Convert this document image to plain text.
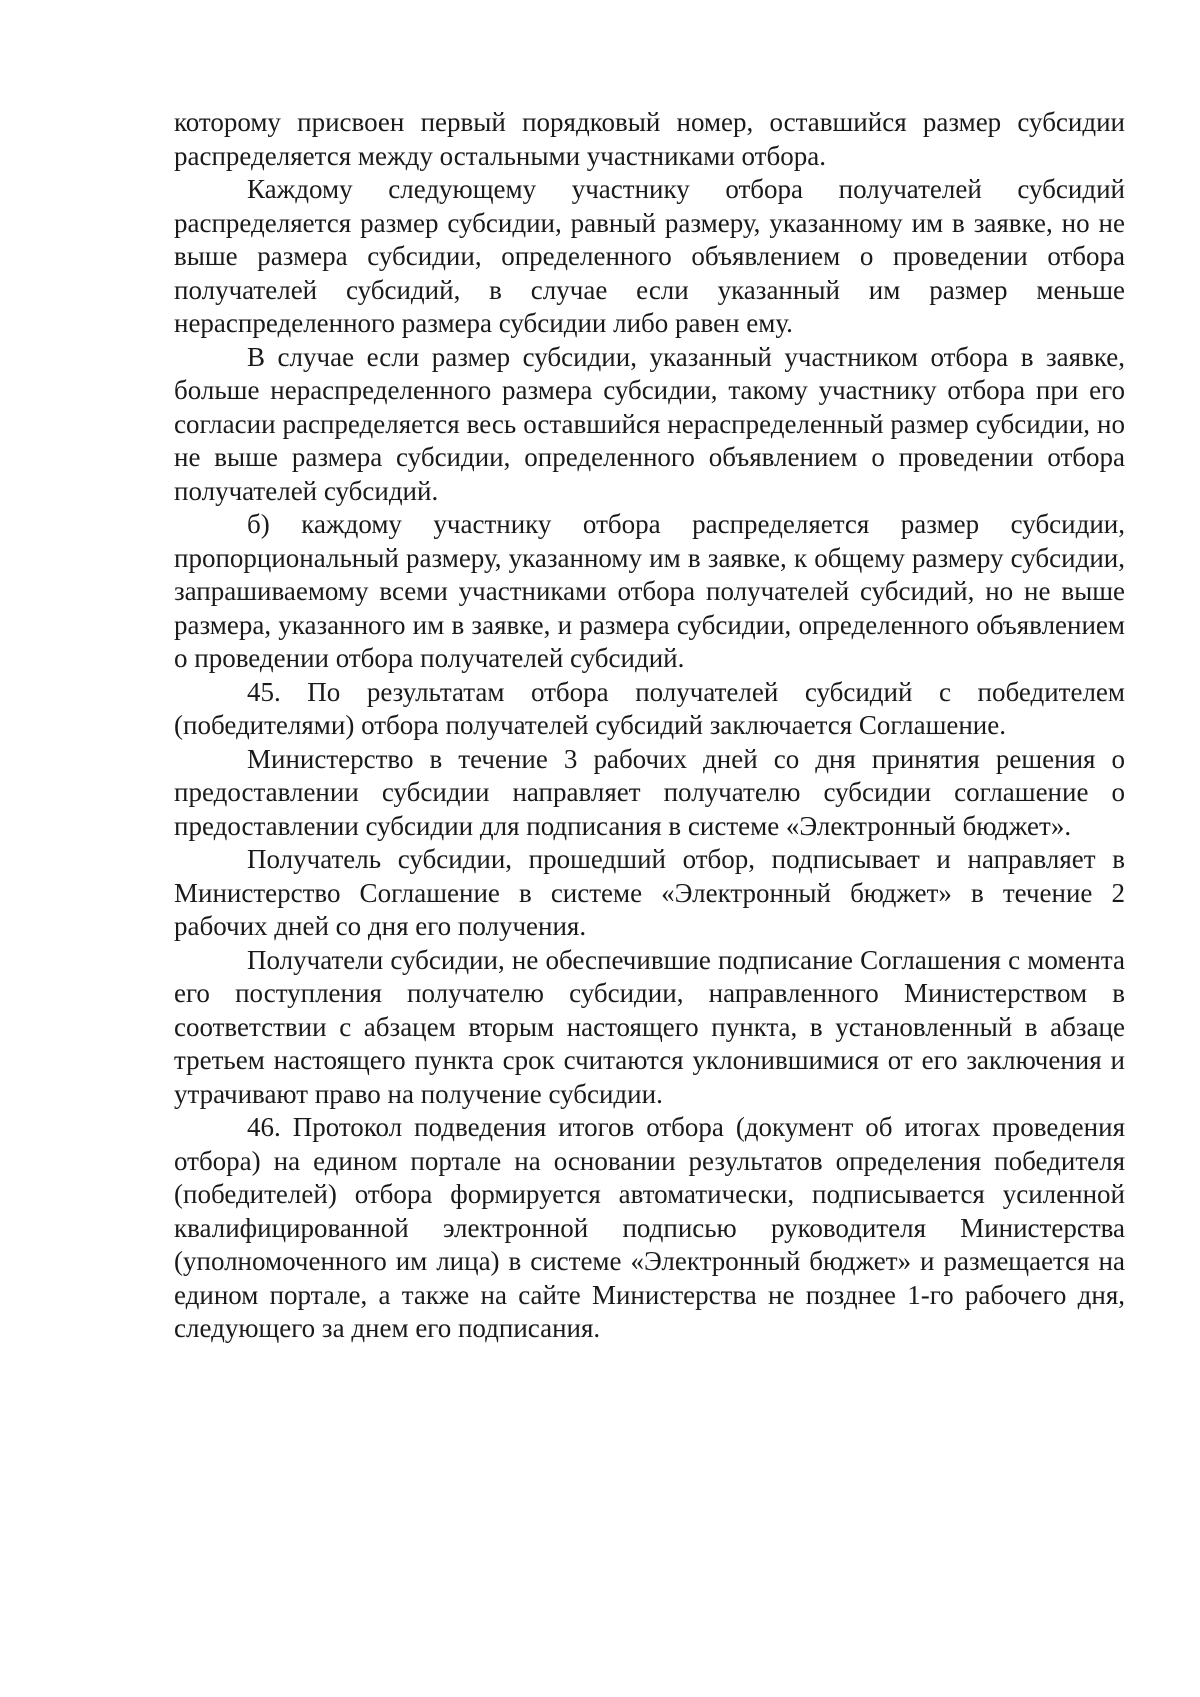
которому присвоен первый порядковый номер, оставшийся размер субсидии распределяется между остальными участниками отбора.

Каждому следующему участнику отбора получателей субсидий распределяется размер субсидии, равный размеру, указанному им в заявке, но не выше размера субсидии, определенного объявлением о проведении отбора получателей субсидий, в случае если указанный им размер меньше нераспределенного размера субсидии либо равен ему.

В случае если размер субсидии, указанный участником отбора в заявке, больше нераспределенного размера субсидии, такому участнику отбора при его согласии распределяется весь оставшийся нераспределенный размер субсидии, но не выше размера субсидии, определенного объявлением о проведении отбора получателей субсидий.

б) каждому участнику отбора распределяется размер субсидии, пропорциональный размеру, указанному им в заявке, к общему размеру субсидии, запрашиваемому всеми участниками отбора получателей субсидий, но не выше размера, указанного им в заявке, и размера субсидии, определенного объявлением о проведении отбора получателей субсидий.

45. По результатам отбора получателей субсидий с победителем (победителями) отбора получателей субсидий заключается Соглашение.

Министерство в течение 3 рабочих дней со дня принятия решения о предоставлении субсидии направляет получателю субсидии соглашение о предоставлении субсидии для подписания в системе «Электронный бюджет».

Получатель субсидии, прошедший отбор, подписывает и направляет в Министерство Соглашение в системе «Электронный бюджет» в течение 2 рабочих дней со дня его получения.

Получатели субсидии, не обеспечившие подписание Соглашения с момента его поступления получателю субсидии, направленного Министерством в соответствии с абзацем вторым настоящего пункта, в установленный в абзаце третьем настоящего пункта срок считаются уклонившимися от его заключения и утрачивают право на получение субсидии.

46. Протокол подведения итогов отбора (документ об итогах проведения отбора) на едином портале на основании результатов определения победителя (победителей) отбора формируется автоматически, подписывается усиленной квалифицированной электронной подписью руководителя Министерства (уполномоченного им лица) в системе «Электронный бюджет» и размещается на едином портале, а также на сайте Министерства не позднее 1-го рабочего дня, следующего за днем его подписания.
